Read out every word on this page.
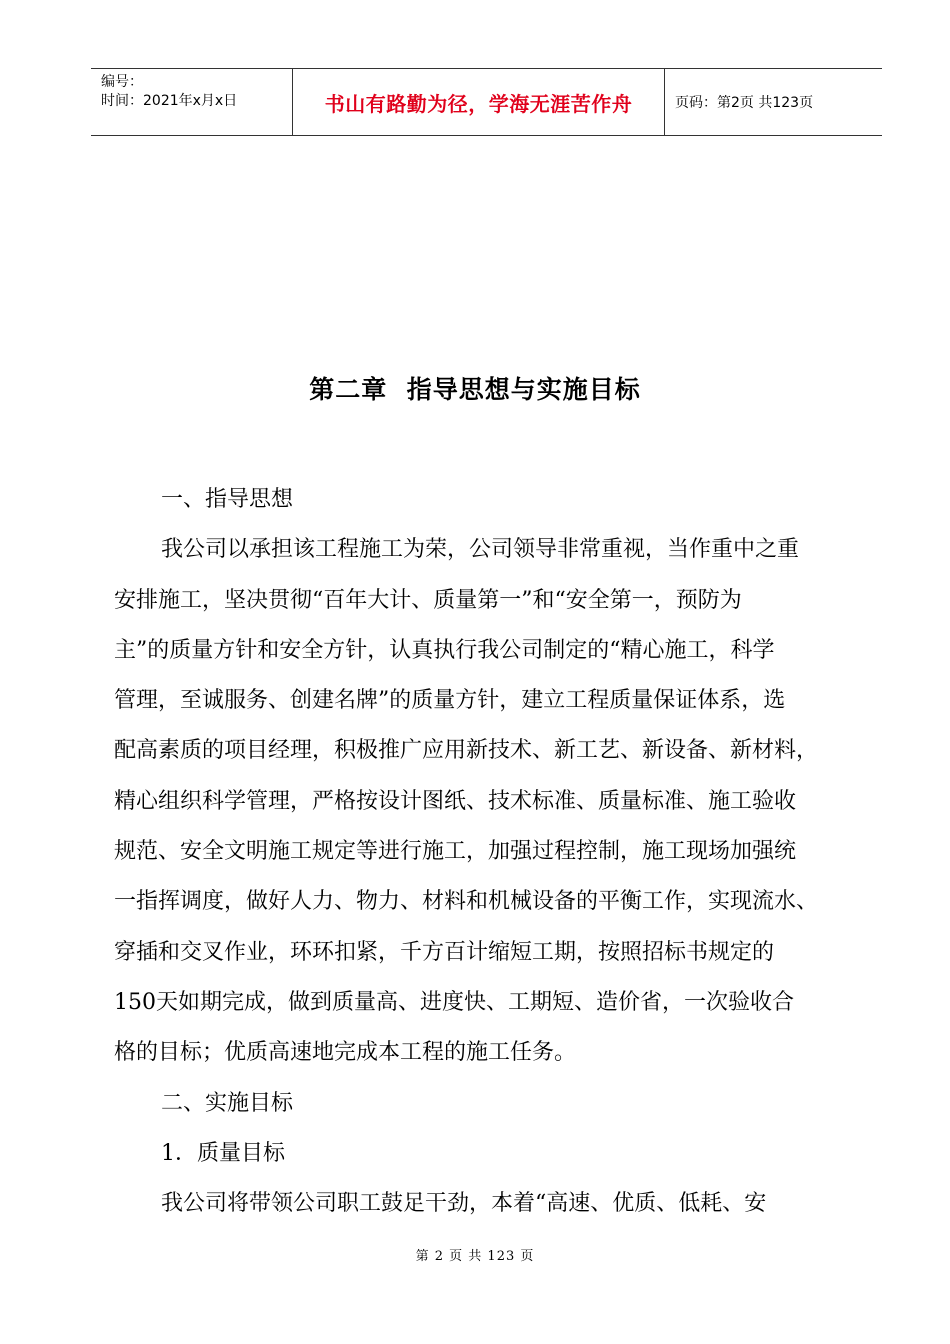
编号：
时间：2021年x月x日	书山有路勤为径，学海无涯苦作舟	页码：第2页 共123页
第二章  指导思想与实施目标
一、指导思想
我公司以承担该工程施工为荣，公司领导非常重视，当作重中之重
安排施工，坚决贯彻“百年大计、质量第一”和“安全第一，预防为
主”的质量方针和安全方针，认真执行我公司制定的“精心施工，科学
管理，至诚服务、创建名牌”的质量方针，建立工程质量保证体系，选
配高素质的项目经理，积极推广应用新技术、新工艺、新设备、新材料，
精心组织科学管理，严格按设计图纸、技术标准、质量标准、施工验收
规范、安全文明施工规定等进行施工，加强过程控制，施工现场加强统
一指挥调度，做好人力、物力、材料和机械设备的平衡工作，实现流水、
穿插和交叉作业，环环扣紧，千方百计缩短工期，按照招标书规定的
150天如期完成，做到质量高、进度快、工期短、造价省，一次验收合
格的目标；优质高速地完成本工程的施工任务。
二、实施目标
1．质量目标
我公司将带领公司职工鼓足干劲，本着“高速、优质、低耗、安
第 2 页 共 123 页
